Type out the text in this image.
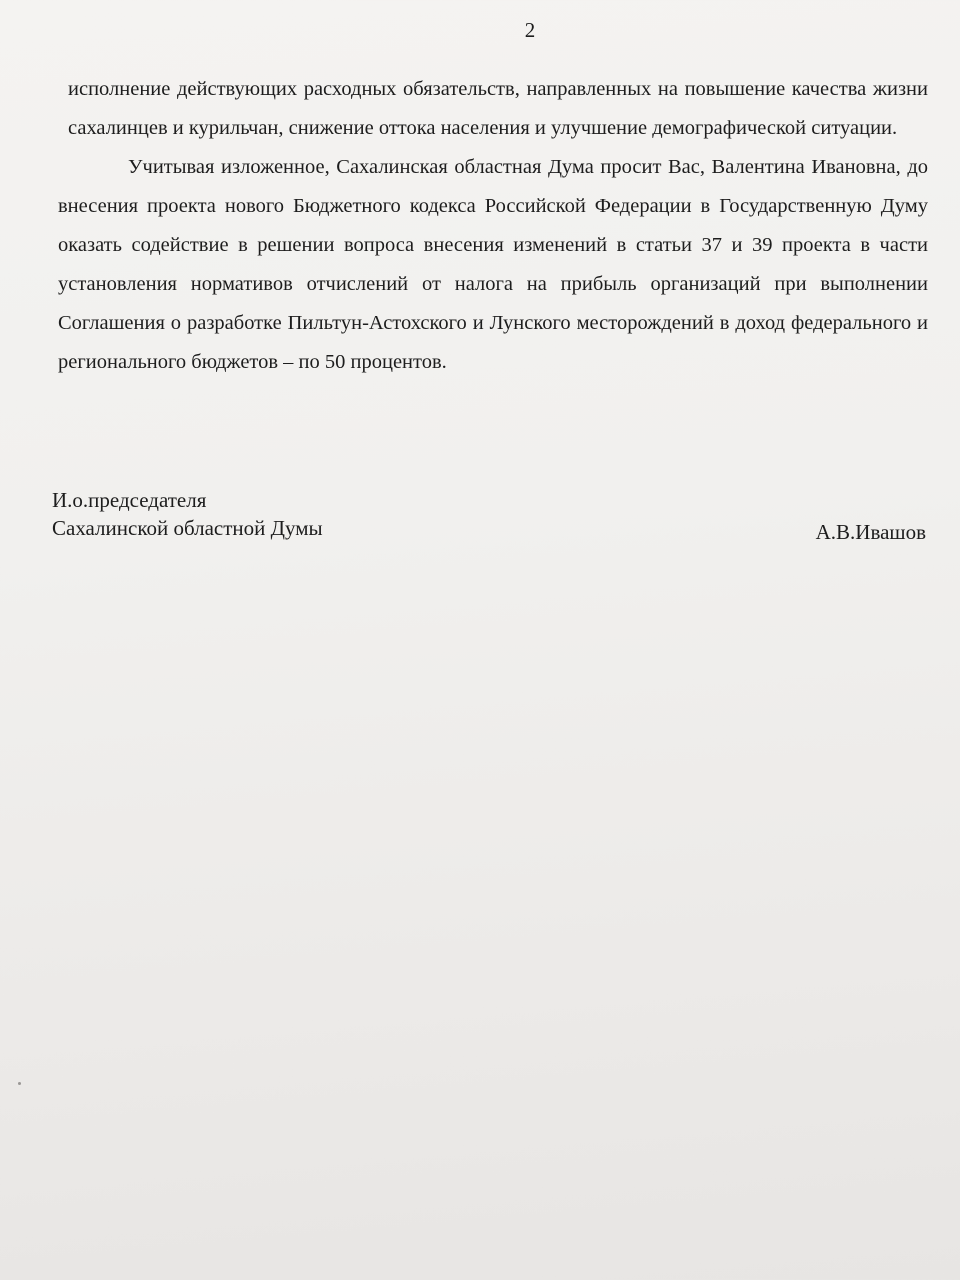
2

исполнение действующих расходных обязательств, направленных на повышение качества жизни сахалинцев и курильчан, снижение оттока населения и улучшение демографической ситуации.

Учитывая изложенное, Сахалинская областная Дума просит Вас, Валентина Ивановна, до внесения проекта нового Бюджетного кодекса Российской Федерации в Государственную Думу оказать содействие в решении вопроса внесения изменений в статьи 37 и 39 проекта в части установления нормативов отчислений от налога на прибыль организаций при выполнении Соглашения о разработке Пильтун-Астохского и Лунского месторождений в доход федерального и регионального бюджетов – по 50 процентов.

И.о.председателя
Сахалинской областной Думы	А.В.Ивашов
